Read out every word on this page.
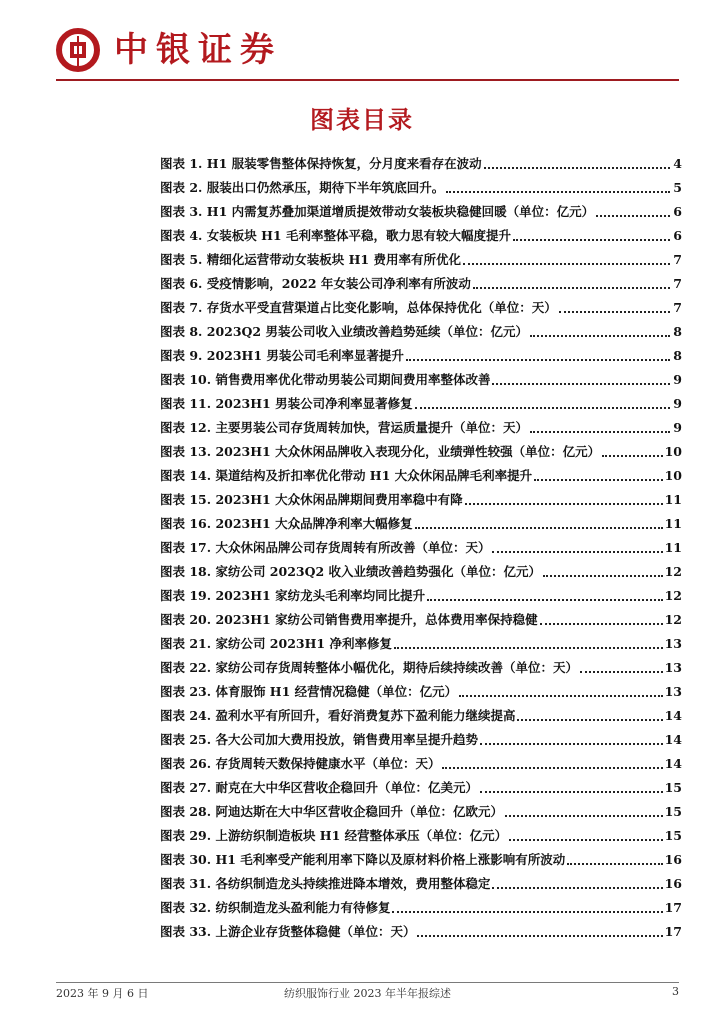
中银证券
图表目录
图表 1. H1 服装零售整体保持恢复，分月度来看存在波动	4
图表 2. 服装出口仍然承压，期待下半年筑底回升。	5
图表 3. H1 内需复苏叠加渠道增质提效带动女装板块稳健回暖（单位：亿元）	6
图表 4. 女装板块 H1 毛利率整体平稳，歌力思有较大幅度提升	6
图表 5. 精细化运营带动女装板块 H1 费用率有所优化	7
图表 6. 受疫情影响，2022 年女装公司净利率有所波动	7
图表 7. 存货水平受直营渠道占比变化影响，总体保持优化（单位：天）	7
图表 8. 2023Q2 男装公司收入业绩改善趋势延续（单位：亿元）	8
图表 9. 2023H1 男装公司毛利率显著提升	8
图表 10. 销售费用率优化带动男装公司期间费用率整体改善	9
图表 11. 2023H1 男装公司净利率显著修复	9
图表 12. 主要男装公司存货周转加快，营运质量提升（单位：天）	9
图表 13. 2023H1 大众休闲品牌收入表现分化，业绩弹性较强（单位：亿元）	10
图表 14. 渠道结构及折扣率优化带动 H1 大众休闲品牌毛利率提升	10
图表 15. 2023H1 大众休闲品牌期间费用率稳中有降	11
图表 16. 2023H1 大众品牌净利率大幅修复	11
图表 17. 大众休闲品牌公司存货周转有所改善（单位：天）	11
图表 18. 家纺公司 2023Q2 收入业绩改善趋势强化（单位：亿元）	12
图表 19. 2023H1 家纺龙头毛利率均同比提升	12
图表 20. 2023H1 家纺公司销售费用率提升，总体费用率保持稳健	12
图表 21. 家纺公司 2023H1 净利率修复	13
图表 22. 家纺公司存货周转整体小幅优化，期待后续持续改善（单位：天）	13
图表 23. 体育服饰 H1 经营情况稳健（单位：亿元）	13
图表 24. 盈利水平有所回升，看好消费复苏下盈利能力继续提高	14
图表 25. 各大公司加大费用投放，销售费用率呈提升趋势	14
图表 26. 存货周转天数保持健康水平（单位：天）	14
图表 27. 耐克在大中华区营收企稳回升（单位：亿美元）	15
图表 28. 阿迪达斯在大中华区营收企稳回升（单位：亿欧元）	15
图表 29. 上游纺织制造板块 H1 经营整体承压（单位：亿元）	15
图表 30. H1 毛利率受产能利用率下降以及原材料价格上涨影响有所波动	16
图表 31. 各纺织制造龙头持续推进降本增效，费用整体稳定	16
图表 32. 纺织制造龙头盈利能力有待修复	17
图表 33. 上游企业存货整体稳健（单位：天）	17
2023 年 9 月 6 日	纺织服饰行业 2023 年半年报综述	3
